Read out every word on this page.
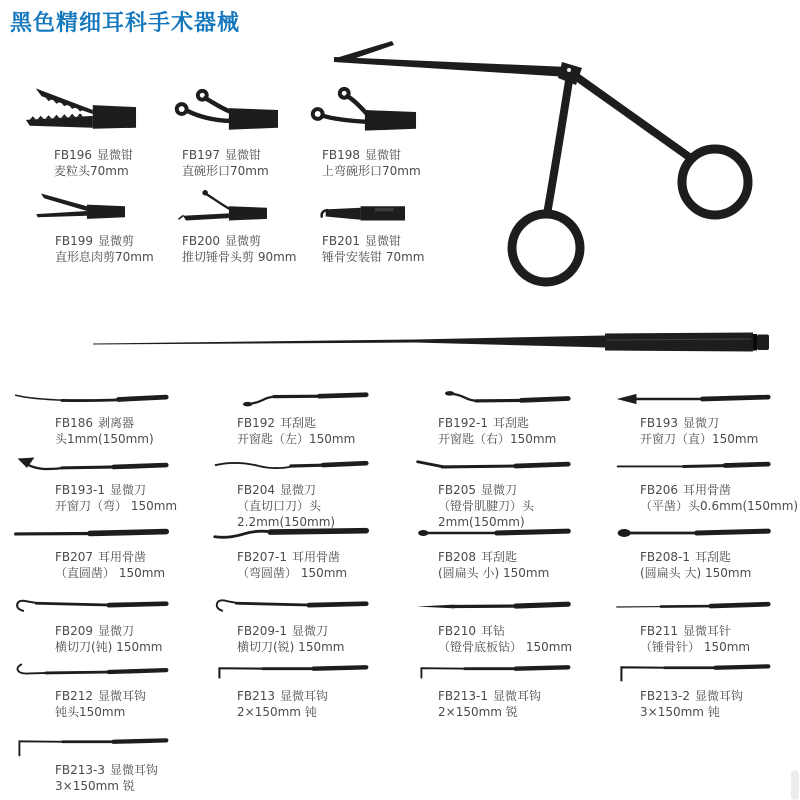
黑色精细耳科手术器械
FB196 显微钳
麦粒头70mm
FB197 显微钳
直碗形口70mm
FB198 显微钳
上弯碗形口70mm
FB199 显微剪
直形息肉剪70mm
FB200 显微剪
推切锤骨头剪 90mm
FB201 显微钳
锤骨安装钳 70mm
FB186 剥离器
头1mm(150mm)
FB192 耳刮匙
开窗匙（左）150mm
FB192-1 耳刮匙
开窗匙（右）150mm
FB193 显微刀
开窗刀（直）150mm
FB193-1 显微刀
开窗刀（弯） 150mm
FB204 显微刀
（直切口刀）头2.2mm(150mm)
FB205 显微刀
（镫骨肌腱刀）头2mm(150mm)
FB206 耳用骨凿
（平凿）头0.6mm(150mm)
FB207 耳用骨凿
（直圆凿） 150mm
FB207-1 耳用骨凿
（弯圆凿） 150mm
FB208 耳刮匙
(圆扁头 小) 150mm
FB208-1 耳刮匙
(圆扁头 大) 150mm
FB209 显微刀
横切刀(钝) 150mm
FB209-1 显微刀
横切刀(锐) 150mm
FB210 耳钻
（镫骨底板钻） 150mm
FB211 显微耳针
（锤骨针） 150mm
FB212 显微耳钩
钝头150mm
FB213 显微耳钩
2×150mm 钝
FB213-1 显微耳钩
2×150mm 锐
FB213-2 显微耳钩
3×150mm 钝
FB213-3 显微耳钩
3×150mm 锐
